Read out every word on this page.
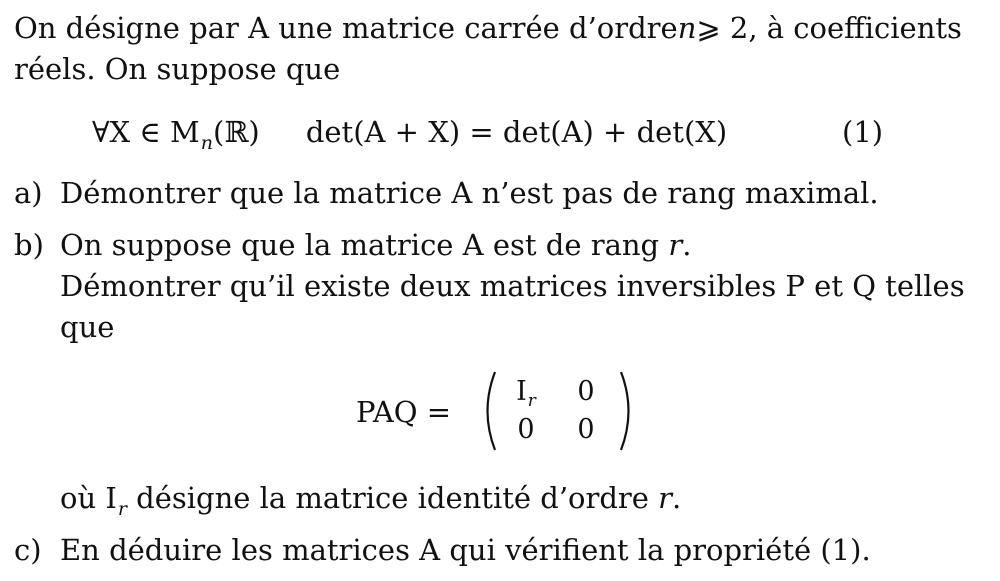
On désigne par A une matrice carrée d’ordren⩾ 2, à coefficients
réels. On suppose que
∀X ∈ Mn(ℝ)     det(A + X) = det(A) + det(X)	(1)
a) Démontrer que la matrice A n’est pas de rang maximal.
b) On suppose que la matrice A est de rang r.
Démontrer qu’il existe deux matrices inversibles P et Q telles
que
PAQ =
$I_r$	0
0	0
où $I_r$ désigne la matrice identité d’ordre r.
c) En déduire les matrices A qui vérifient la propriété (1).
